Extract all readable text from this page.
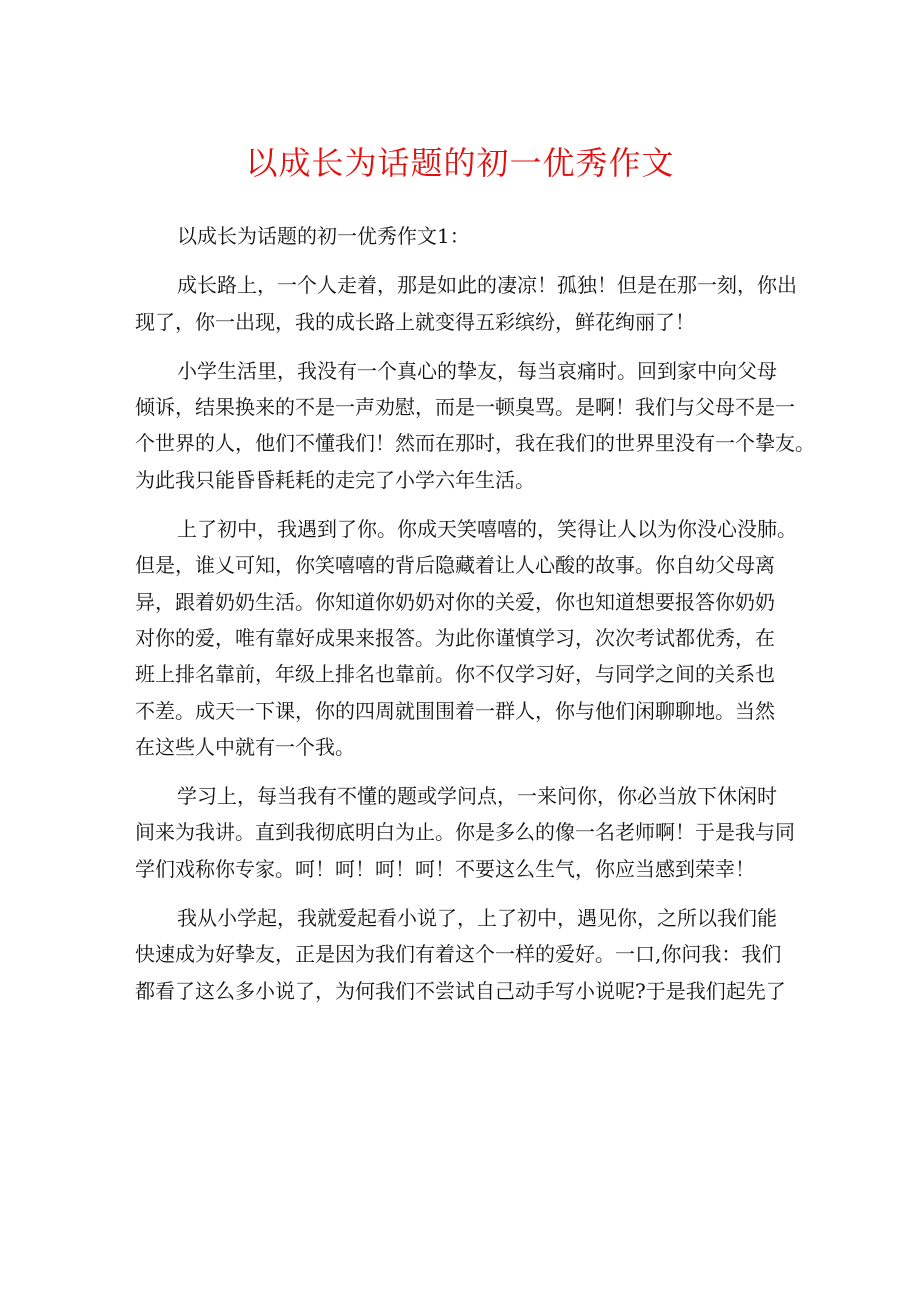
以成长为话题的初一优秀作文

以成长为话题的初一优秀作文1：

成长路上，一个人走着，那是如此的凄凉！孤独！但是在那一刻，你出
现了，你一出现，我的成长路上就变得五彩缤纷，鲜花绚丽了！

小学生活里，我没有一个真心的挚友，每当哀痛时。回到家中向父母
倾诉，结果换来的不是一声劝慰，而是一顿臭骂。是啊！我们与父母不是一
个世界的人，他们不懂我们！然而在那时，我在我们的世界里没有一个挚友。
为此我只能昏昏耗耗的走完了小学六年生活。

上了初中，我遇到了你。你成天笑嘻嘻的，笑得让人以为你没心没肺。
但是，谁乂可知，你笑嘻嘻的背后隐藏着让人心酸的故事。你自幼父母离
异，跟着奶奶生活。你知道你奶奶对你的关爱，你也知道想要报答你奶奶
对你的爱，唯有靠好成果来报答。为此你谨慎学习，次次考试都优秀，在
班上排名靠前，年级上排名也靠前。你不仅学习好，与同学之间的关系也
不差。成天一下课，你的四周就围围着一群人，你与他们闲聊聊地。当然
在这些人中就有一个我。

学习上，每当我有不懂的题或学问点，一来问你，你必当放下休闲时
间来为我讲。直到我彻底明白为止。你是多么的像一名老师啊！于是我与同
学们戏称你专家。呵！呵！呵！呵！不要这么生气，你应当感到荣幸！

我从小学起，我就爱起看小说了，上了初中，遇见你，之所以我们能
快速成为好挚友，正是因为我们有着这个一样的爱好。一口,你问我：我们
都看了这么多小说了，为何我们不尝试自己动手写小说呢?于是我们起先了
